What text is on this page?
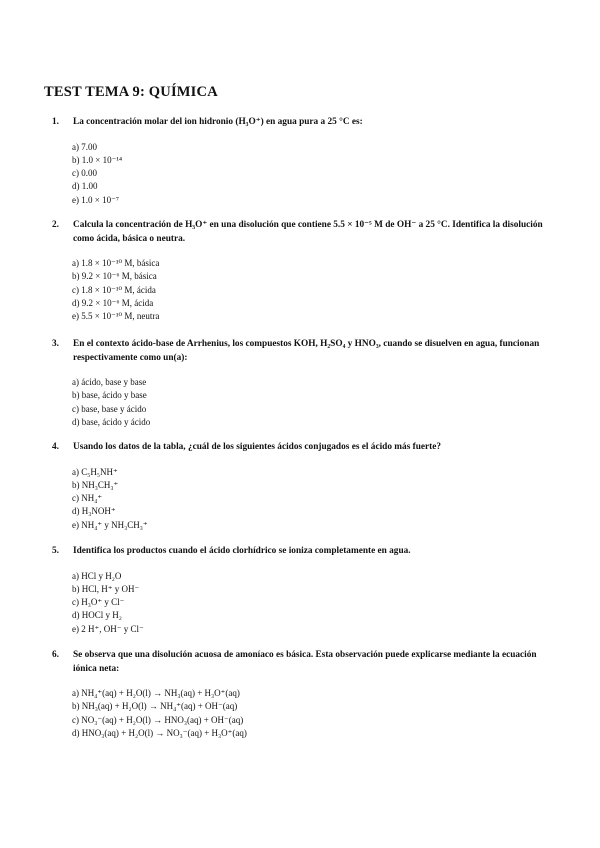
TEST TEMA 9: QUÍMICA
1.	La concentración molar del ion hidronio (H₃O⁺) en agua pura a 25 °C es:
a) 7.00
b) 1.0 × 10⁻¹⁴
c) 0.00
d) 1.00
e) 1.0 × 10⁻⁷
2.	Calcula la concentración de H₃O⁺ en una disolución que contiene 5.5 × 10⁻⁵ M de OH⁻ a 25 °C. Identifica la disolución como ácida, básica o neutra.
a) 1.8 × 10⁻¹⁰ M, básica
b) 9.2 × 10⁻⁶ M, básica
c) 1.8 × 10⁻¹⁰ M, ácida
d) 9.2 × 10⁻⁶ M, ácida
e) 5.5 × 10⁻¹⁰ M, neutra
3.	En el contexto ácido-base de Arrhenius, los compuestos KOH, H₂SO₄ y HNO₃, cuando se disuelven en agua, funcionan respectivamente como un(a):
a) ácido, base y base
b) base, ácido y base
c) base, base y ácido
d) base, ácido y ácido
4.	Usando los datos de la tabla, ¿cuál de los siguientes ácidos conjugados es el ácido más fuerte?
a) C₅H₅NH⁺
b) NH₃CH₃⁺
c) NH₄⁺
d) H₃NOH⁺
e) NH₄⁺ y NH₃CH₃⁺
5.	Identifica los productos cuando el ácido clorhídrico se ioniza completamente en agua.
a) HCl y H₂O
b) HCl, H⁺ y OH⁻
c) H₃O⁺ y Cl⁻
d) HOCl y H₂
e) 2 H⁺, OH⁻ y Cl⁻
6.	Se observa que una disolución acuosa de amoníaco es básica. Esta observación puede explicarse mediante la ecuación iónica neta:
a) NH₄⁺(aq) + H₂O(l) → NH₃(aq) + H₃O⁺(aq)
b) NH₃(aq) + H₂O(l) → NH₄⁺(aq) + OH⁻(aq)
c) NO₃⁻(aq) + H₂O(l) → HNO₃(aq) + OH⁻(aq)
d) HNO₃(aq) + H₂O(l) → NO₃⁻(aq) + H₃O⁺(aq)
